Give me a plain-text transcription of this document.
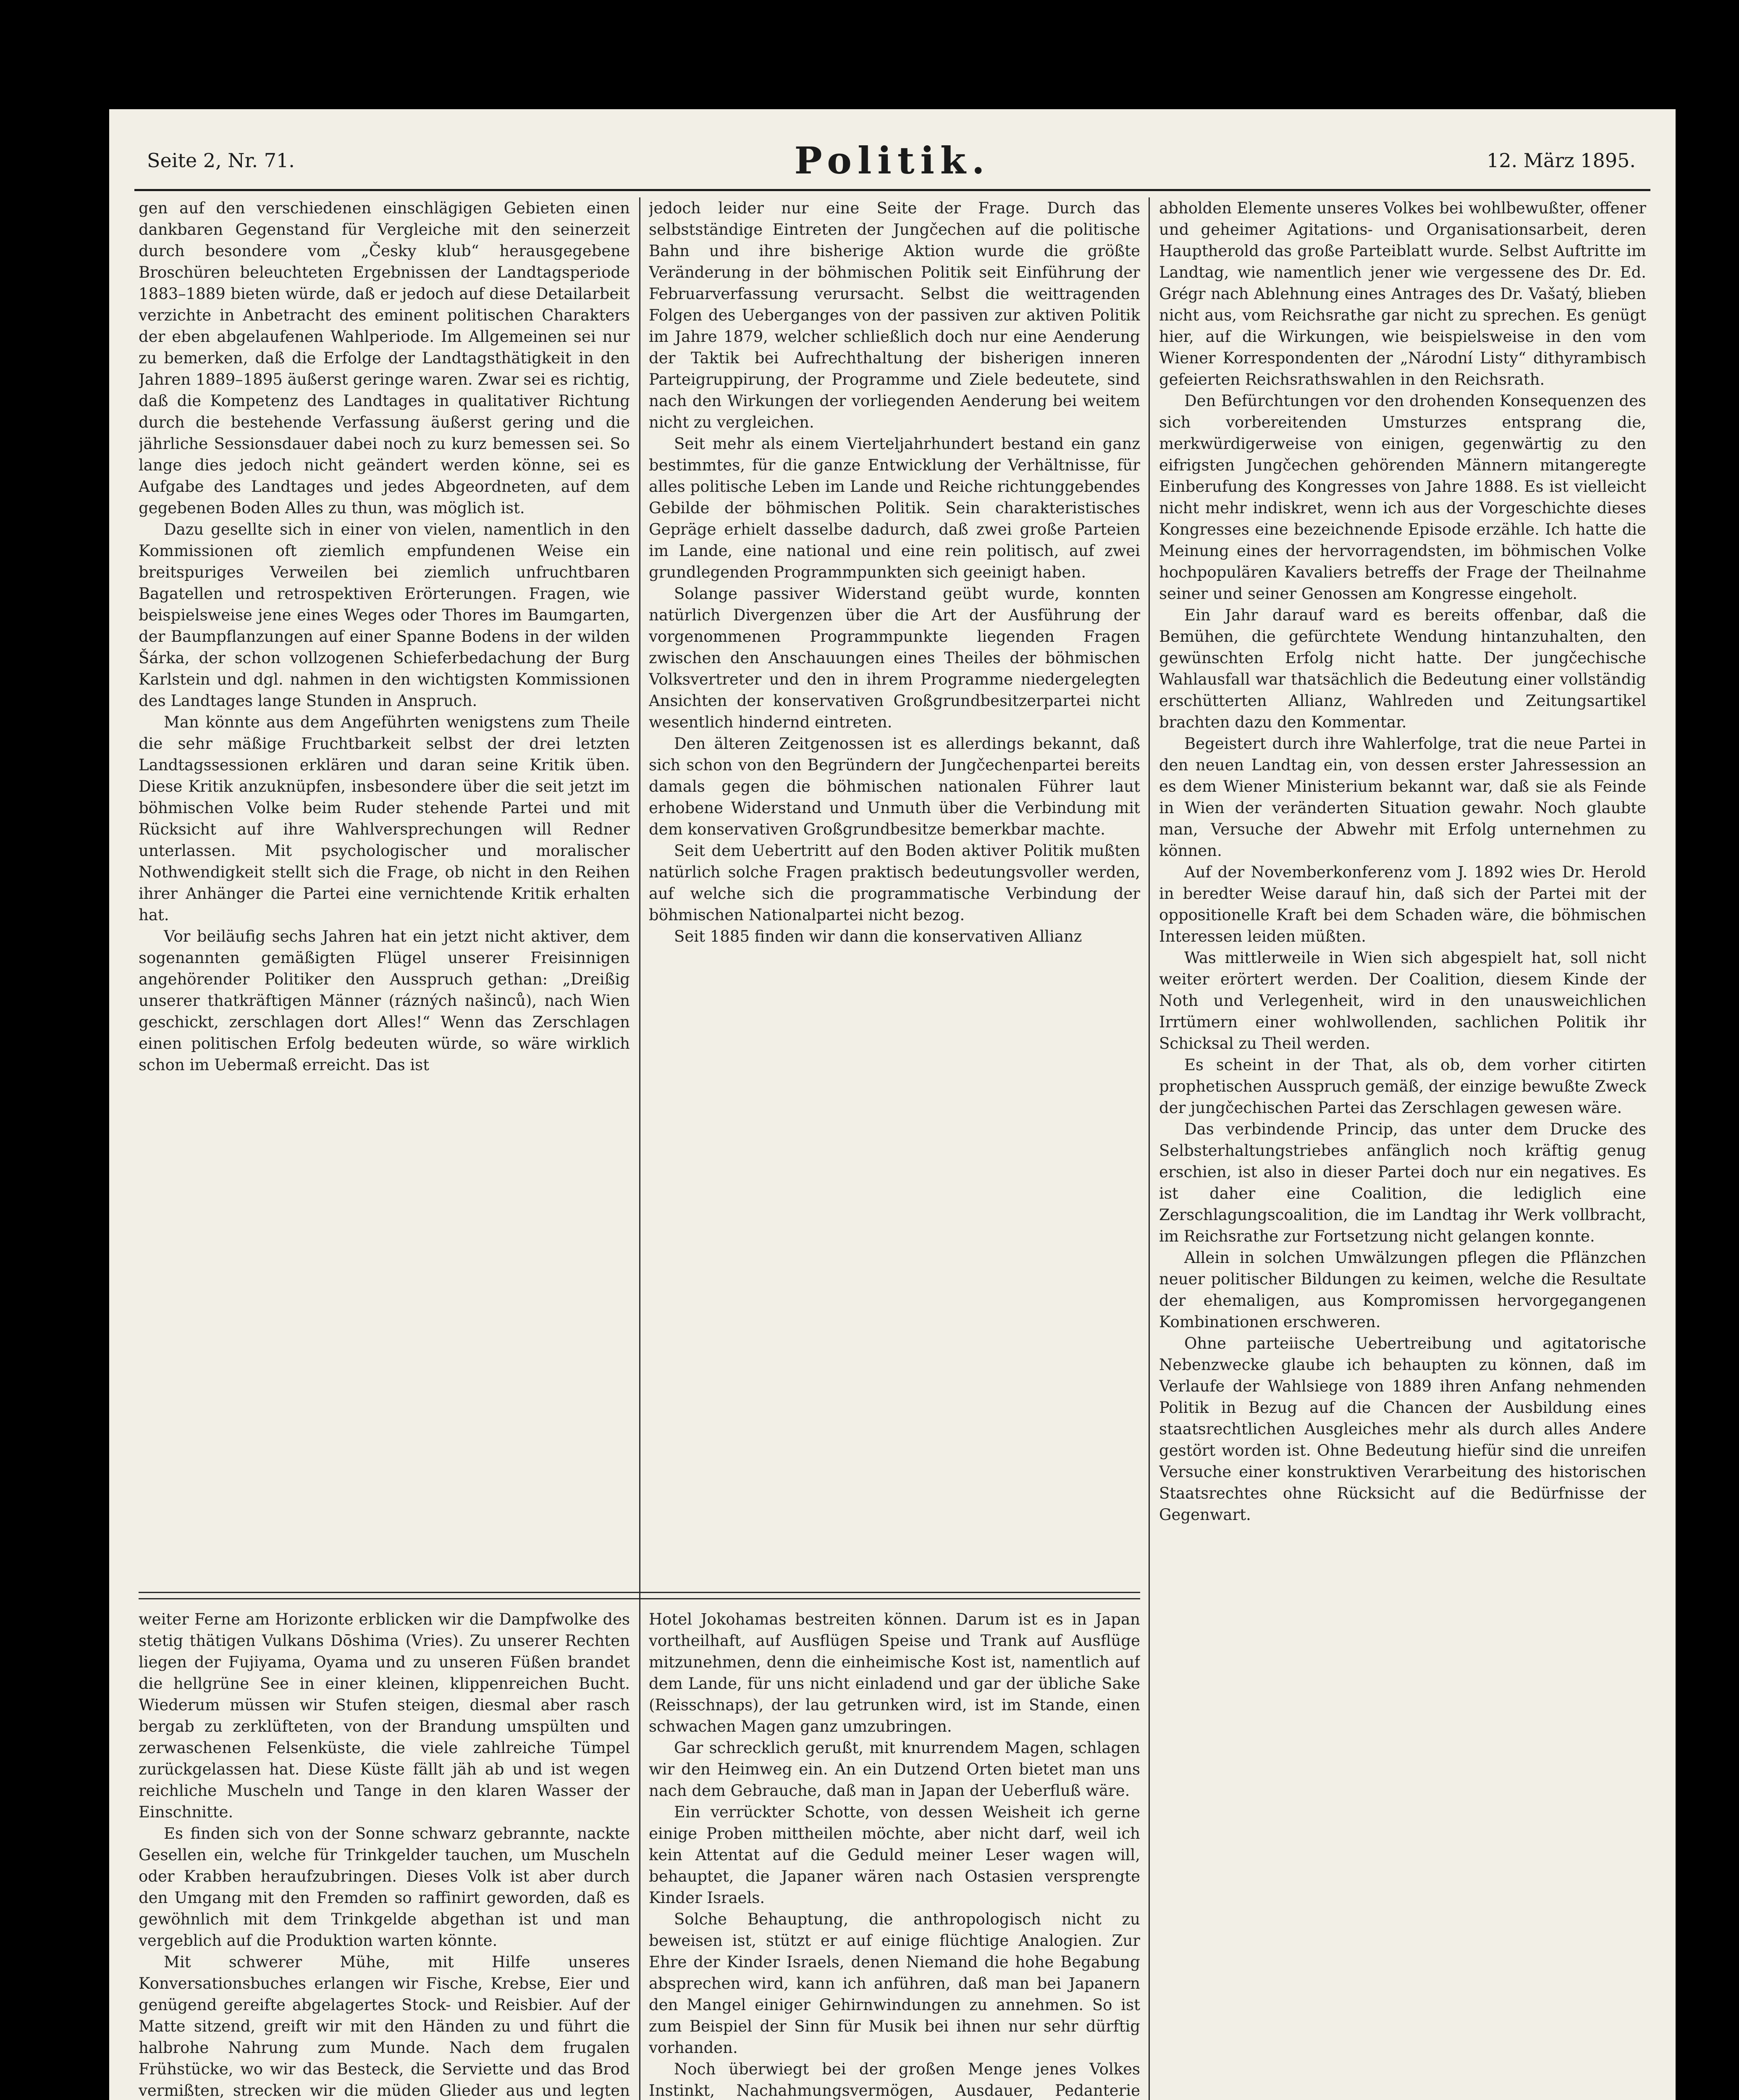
Seite 2, Nr. 71.	Politik.	12. März 1895.

gen auf den verschiedenen einschlägigen Gebieten einen dankbaren Gegenstand für Vergleiche mit den seinerzeit durch besondere vom „Česky klub“ herausgegebene Broschüren beleuchteten Ergebnissen der Landtagsperiode 1883–1889 bieten würde, daß er jedoch auf diese Detailarbeit verzichte in Anbetracht des eminent politischen Charakters der eben abgelaufenen Wahlperiode. Im Allgemeinen sei nur zu bemerken, daß die Erfolge der Landtagsthätigkeit in den Jahren 1889–1895 äußerst geringe waren. Zwar sei es richtig, daß die Kompetenz des Landtages in qualitativer Richtung durch die bestehende Verfassung äußerst gering und die jährliche Sessionsdauer dabei noch zu kurz bemessen sei. So lange dies jedoch nicht geändert werden könne, sei es Aufgabe des Landtages und jedes Abgeordneten, auf dem gegebenen Boden Alles zu thun, was möglich ist.

Dazu gesellte sich in einer von vielen, namentlich in den Kommissionen oft ziemlich empfundenen Weise ein breitspuriges Verweilen bei ziemlich unfruchtbaren Bagatellen und retrospektiven Erörterungen. Fragen, wie beispielsweise jene eines Weges oder Thores im Baumgarten, der Baumpflanzungen auf einer Spanne Bodens in der wilden Šárka, der schon vollzogenen Schieferbedachung der Burg Karlstein und dgl. nahmen in den wichtigsten Kommissionen des Landtages lange Stunden in Anspruch.

Man könnte aus dem Angeführten wenigstens zum Theile die sehr mäßige Fruchtbarkeit selbst der drei letzten Landtagssessionen erklären und daran seine Kritik üben. Diese Kritik anzuknüpfen, insbesondere über die seit jetzt im böhmischen Volke beim Ruder stehende Partei und mit Rücksicht auf ihre Wahlversprechungen will Redner unterlassen. Mit psychologischer und moralischer Nothwendigkeit stellt sich die Frage, ob nicht in den Reihen ihrer Anhänger die Partei eine vernichtende Kritik erhalten hat.

Vor beiläufig sechs Jahren hat ein jetzt nicht aktiver, dem sogenannten gemäßigten Flügel unserer Freisinnigen angehörender Politiker den Ausspruch gethan: „Dreißig unserer thatkräftigen Männer (rázných našinců), nach Wien geschickt, zerschlagen dort Alles!“ Wenn das Zerschlagen einen politischen Erfolg bedeuten würde, so wäre wirklich schon im Uebermaß erreicht. Das ist

jedoch leider nur eine Seite der Frage. Durch das selbstständige Eintreten der Jungčechen auf die politische Bahn und ihre bisherige Aktion wurde die größte Veränderung in der böhmischen Politik seit Einführung der Februarverfassung verursacht. Selbst die weittragenden Folgen des Ueberganges von der passiven zur aktiven Politik im Jahre 1879, welcher schließlich doch nur eine Aenderung der Taktik bei Aufrechthaltung der bisherigen inneren Parteigruppirung, der Programme und Ziele bedeutete, sind nach den Wirkungen der vorliegenden Aenderung bei weitem nicht zu vergleichen.

Seit mehr als einem Vierteljahrhundert bestand ein ganz bestimmtes, für die ganze Entwicklung der Verhältnisse, für alles politische Leben im Lande und Reiche richtunggebendes Gebilde der böhmischen Politik. Sein charakteristisches Gepräge erhielt dasselbe dadurch, daß zwei große Parteien im Lande, eine national und eine rein politisch, auf zwei grundlegenden Programmpunkten sich geeinigt haben.

Solange passiver Widerstand geübt wurde, konnten natürlich Divergenzen über die Art der Ausführung der vorgenommenen Programmpunkte liegenden Fragen zwischen den Anschauungen eines Theiles der böhmischen Volksvertreter und den in ihrem Programme niedergelegten Ansichten der konservativen Großgrundbesitzerpartei nicht wesentlich hindernd eintreten.

Den älteren Zeitgenossen ist es allerdings bekannt, daß sich schon von den Begründern der Jungčechenpartei bereits damals gegen die böhmischen nationalen Führer laut erhobene Widerstand und Unmuth über die Verbindung mit dem konservativen Großgrundbesitze bemerkbar machte.

Seit dem Uebertritt auf den Boden aktiver Politik mußten natürlich solche Fragen praktisch bedeutungsvoller werden, auf welche sich die programmatische Verbindung der böhmischen Nationalpartei nicht bezog.

Seit 1885 finden wir dann die konservativen Allianz

abholden Elemente unseres Volkes bei wohlbewußter, offener und geheimer Agitations- und Organisationsarbeit, deren Hauptherold das große Parteiblatt wurde. Selbst Auftritte im Landtag, wie namentlich jener wie vergessene des Dr. Ed. Grégr nach Ablehnung eines Antrages des Dr. Vašatý, blieben nicht aus, vom Reichsrathe gar nicht zu sprechen. Es genügt hier, auf die Wirkungen, wie beispielsweise in den vom Wiener Korrespondenten der „Národní Listy“ dithyrambisch gefeierten Reichsrathswahlen in den Reichsrath.

Den Befürchtungen vor den drohenden Konsequenzen des sich vorbereitenden Umsturzes entsprang die, merkwürdigerweise von einigen, gegenwärtig zu den eifrigsten Jungčechen gehörenden Männern mitangeregte Einberufung des Kongresses von Jahre 1888. Es ist vielleicht nicht mehr indiskret, wenn ich aus der Vorgeschichte dieses Kongresses eine bezeichnende Episode erzähle. Ich hatte die Meinung eines der hervorragendsten, im böhmischen Volke hochpopulären Kavaliers betreffs der Frage der Theilnahme seiner und seiner Genossen am Kongresse eingeholt.

Ein Jahr darauf ward es bereits offenbar, daß die Bemühen, die gefürchtete Wendung hintanzuhalten, den gewünschten Erfolg nicht hatte. Der jungčechische Wahlausfall war thatsächlich die Bedeutung einer vollständig erschütterten Allianz, Wahlreden und Zeitungsartikel brachten dazu den Kommentar.

Begeistert durch ihre Wahlerfolge, trat die neue Partei in den neuen Landtag ein, von dessen erster Jahressession an es dem Wiener Ministerium bekannt war, daß sie als Feinde in Wien der veränderten Situation gewahr. Noch glaubte man, Versuche der Abwehr mit Erfolg unternehmen zu können.

Auf der Novemberkonferenz vom J. 1892 wies Dr. Herold in beredter Weise darauf hin, daß sich der Partei mit der oppositionelle Kraft bei dem Schaden wäre, die böhmischen Interessen leiden müßten.

Was mittlerweile in Wien sich abgespielt hat, soll nicht weiter erörtert werden. Der Coalition, diesem Kinde der Noth und Verlegenheit, wird in den unausweichlichen Irrtümern einer wohlwollenden, sachlichen Politik ihr Schicksal zu Theil werden.

Es scheint in der That, als ob, dem vorher citirten prophetischen Ausspruch gemäß, der einzige bewußte Zweck der jungčechischen Partei das Zerschlagen gewesen wäre.

Das verbindende Princip, das unter dem Drucke des Selbsterhaltungstriebes anfänglich noch kräftig genug erschien, ist also in dieser Partei doch nur ein negatives. Es ist daher eine Coalition, die lediglich eine Zerschlagungscoalition, die im Landtag ihr Werk vollbracht, im Reichsrathe zur Fortsetzung nicht gelangen konnte.

Allein in solchen Umwälzungen pflegen die Pflänzchen neuer politischer Bildungen zu keimen, welche die Resultate der ehemaligen, aus Kompromissen hervorgegangenen Kombinationen erschweren.

Ohne parteiische Uebertreibung und agitatorische Nebenzwecke glaube ich behaupten zu können, daß im Verlaufe der Wahlsiege von 1889 ihren Anfang nehmenden Politik in Bezug auf die Chancen der Ausbildung eines staatsrechtlichen Ausgleiches mehr als durch alles Andere gestört worden ist. Ohne Bedeutung hiefür sind die unreifen Versuche einer konstruktiven Verarbeitung des historischen Staatsrechtes ohne Rücksicht auf die Bedürfnisse der Gegenwart.

weiter Ferne am Horizonte erblicken wir die Dampfwolke des stetig thätigen Vulkans Dōshima (Vries). Zu unserer Rechten liegen der Fujiyama, Oyama und zu unseren Füßen brandet die hellgrüne See in einer kleinen, klippenreichen Bucht. Wiederum müssen wir Stufen steigen, diesmal aber rasch bergab zu zerklüfteten, von der Brandung umspülten und zerwaschenen Felsenküste, die viele zahlreiche Tümpel zurückgelassen hat. Diese Küste fällt jäh ab und ist wegen reichliche Muscheln und Tange in den klaren Wasser der Einschnitte.

Es finden sich von der Sonne schwarz gebrannte, nackte Gesellen ein, welche für Trinkgelder tauchen, um Muscheln oder Krabben heraufzubringen. Dieses Volk ist aber durch den Umgang mit den Fremden so raffinirt geworden, daß es gewöhnlich mit dem Trinkgelde abgethan ist und man vergeblich auf die Produktion warten könnte.

Mit schwerer Mühe, mit Hilfe unseres Konversationsbuches erlangen wir Fische, Krebse, Eier und genügend gereifte abgelagertes Stock- und Reisbier. Auf der Matte sitzend, greift wir mit den Händen zu und führt die halbrohe Nahrung zum Munde. Nach dem frugalen Frühstücke, wo wir das Besteck, die Serviette und das Brod vermißten, strecken wir die müden Glieder aus und legten

Hotel Jokohamas bestreiten können. Darum ist es in Japan vortheilhaft, auf Ausflügen Speise und Trank auf Ausflüge mitzunehmen, denn die einheimische Kost ist, namentlich auf dem Lande, für uns nicht einladend und gar der übliche Sake (Reisschnaps), der lau getrunken wird, ist im Stande, einen schwachen Magen ganz umzubringen.

Gar schrecklich gerußt, mit knurrendem Magen, schlagen wir den Heimweg ein. An ein Dutzend Orten bietet man uns nach dem Gebrauche, daß man in Japan der Ueberfluß wäre.

Ein verrückter Schotte, von dessen Weisheit ich gerne einige Proben mittheilen möchte, aber nicht darf, weil ich kein Attentat auf die Geduld meiner Leser wagen will, behauptet, die Japaner wären nach Ostasien versprengte Kinder Israels.

Solche Behauptung, die anthropologisch nicht zu beweisen ist, stützt er auf einige flüchtige Analogien. Zur Ehre der Kinder Israels, denen Niemand die hohe Begabung absprechen wird, kann ich anführen, daß man bei Japanern den Mangel einiger Gehirnwindungen zu annehmen. So ist zum Beispiel der Sinn für Musik bei ihnen nur sehr dürftig vorhanden.

Noch überwiegt bei der großen Menge jenes Volkes Instinkt, Nachahmungsvermögen, Ausdauer, Pedanterie
